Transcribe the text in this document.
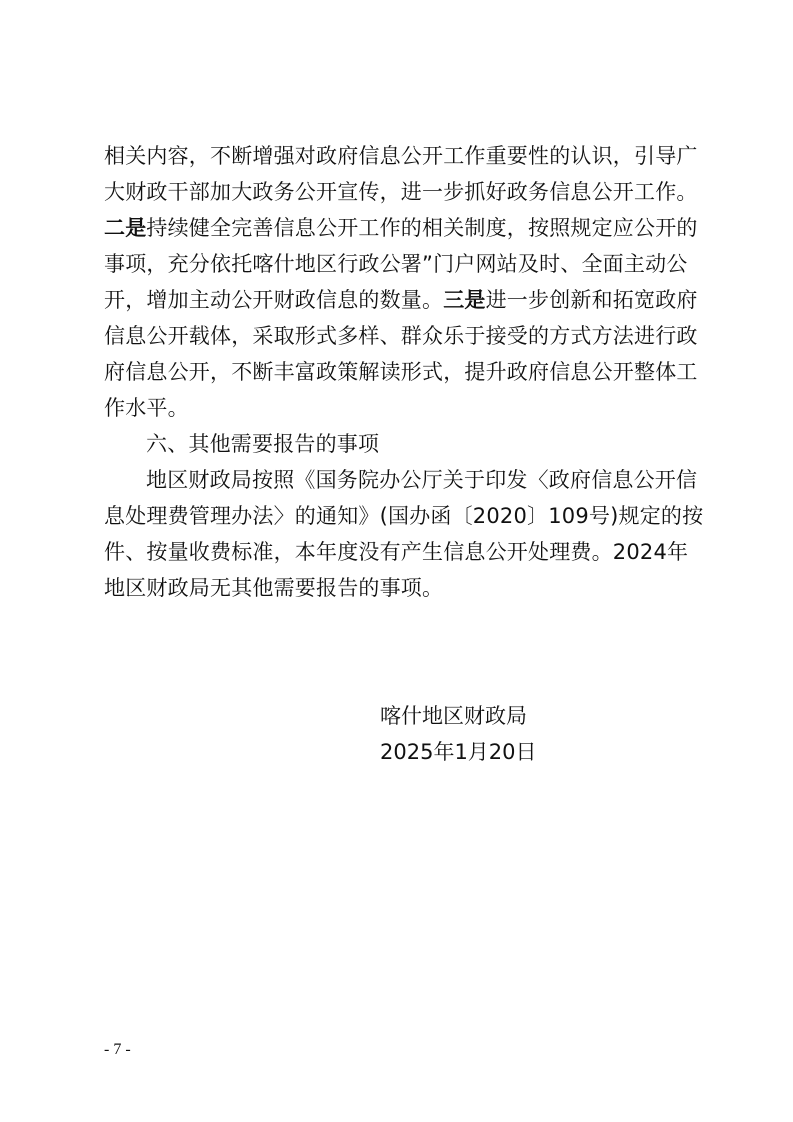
相关内容，不断增强对政府信息公开工作重要性的认识，引导广
大财政干部加大政务公开宣传，进一步抓好政务信息公开工作。
二是持续健全完善信息公开工作的相关制度，按照规定应公开的
事项，充分依托喀什地区行政公署”门户网站及时、全面主动公
开，增加主动公开财政信息的数量。三是进一步创新和拓宽政府
信息公开载体，采取形式多样、群众乐于接受的方式方法进行政
府信息公开，不断丰富政策解读形式，提升政府信息公开整体工
作水平。
六、其他需要报告的事项
地区财政局按照《国务院办公厅关于印发〈政府信息公开信
息处理费管理办法〉的通知》(国办函〔2020〕109号)规定的按
件、按量收费标准，本年度没有产生信息公开处理费。2024年
地区财政局无其他需要报告的事项。
喀什地区财政局
2025年1月20日
- 7 -
